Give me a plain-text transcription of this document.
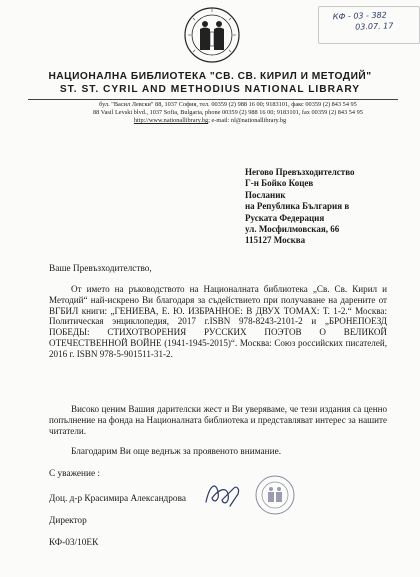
КФ - 03 - 382
03.07. 17
НАЦИОНАЛНА БИБЛИОТЕКА "СВ. СВ. КИРИЛ И МЕТОДИЙ"
ST. ST. CYRIL AND METHODIUS NATIONAL LIBRARY
бул. "Васил Левски" 88, 1037 София, тел. 00359 (2) 988 16 00; 9183101, факс 00359 (2) 843 54 95
88 Vasil Levski blvd., 1037 Sofia, Bulgaria, phone 00359 (2) 988 16 00; 9183101, fax 00359 (2) 843 54 95
http://www.nationallibrary.bg; e-mail: nl@nationallibrary.bg
Негово Превъзходителство
Г-н Бойко Коцев
Посланик
на Република България в
Руската Федерация
ул. Мосфилмовская, 66
115127 Москва
Ваше Превъзходителство,

От името на ръководството на Националната библиотека „Св. Св. Кирил и Методий“ най-искрено Ви благодаря за съдействието при получаване на дарените от ВГБИЛ книги: „ГЕНИЕВА, Е. Ю. ИЗБРАННОЕ: В ДВУХ ТОМАХ: Т. 1-2.“ Москва: Политическая энциклопедия, 2017 г.ISBN 978-8243-2101-2 и „БРОНЕПОЕЗД ПОБЕДЫ: СТИХОТВОРЕНИЯ РУССКИХ ПОЭТОВ О ВЕЛИКОЙ ОТЕЧЕСТВЕННОЙ ВОЙНЕ (1941-1945-2015)“. Москва: Союз российских писателей, 2016 г. ISBN 978-5-901511-31-2.

Високо ценим Вашия дарителски жест и Ви уверяваме, че тези издания са ценно попълнение на фонда на Националната библиотека и представляват интерес за нашите читатели.

Благодарим Ви още веднъж за проявеното внимание.
С уважение :
Доц. д-р Красимира Александрова
Директор
КФ-03/10ЕК
